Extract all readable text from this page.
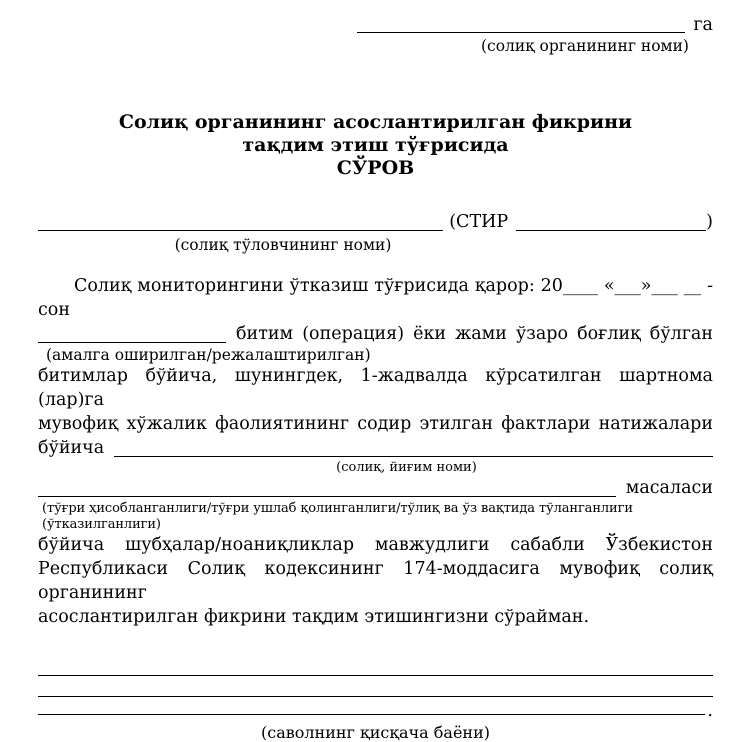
га
(солиқ органининг номи)
Солиқ органининг асослантирилган фикрини
тақдим этиш тўғрисида
СЎРОВ
(СТИР	)
(солиқ тўловчининг номи)
Солиқ мониторингини ўтказиш тўғрисида қарор: 20____ «___»___ __ - сон
битим (операция) ёки жами ўзаро боғлиқ бўлган
(амалга оширилган/режалаштирилган)
битимлар бўйича, шунингдек, 1-жадвалда кўрсатилган шартнома (лар)га
мувофиқ хўжалик фаолиятининг содир этилган фактлари натижалари
бўйича
(солиқ, йиғим номи)
масаласи
(тўғри ҳисобланганлиги/тўғри ушлаб қолинганлиги/тўлиқ ва ўз вақтида тўланганлиги (ўтказилганлиги)
бўйича шубҳалар/ноаниқликлар мавжудлиги сабабли Ўзбекистон
Республикаси Солиқ кодексининг 174-моддасига мувофиқ солиқ органининг
асослантирилган фикрини тақдим этишингизни сўрайман.
.
(саволнинг қисқача баёни)
